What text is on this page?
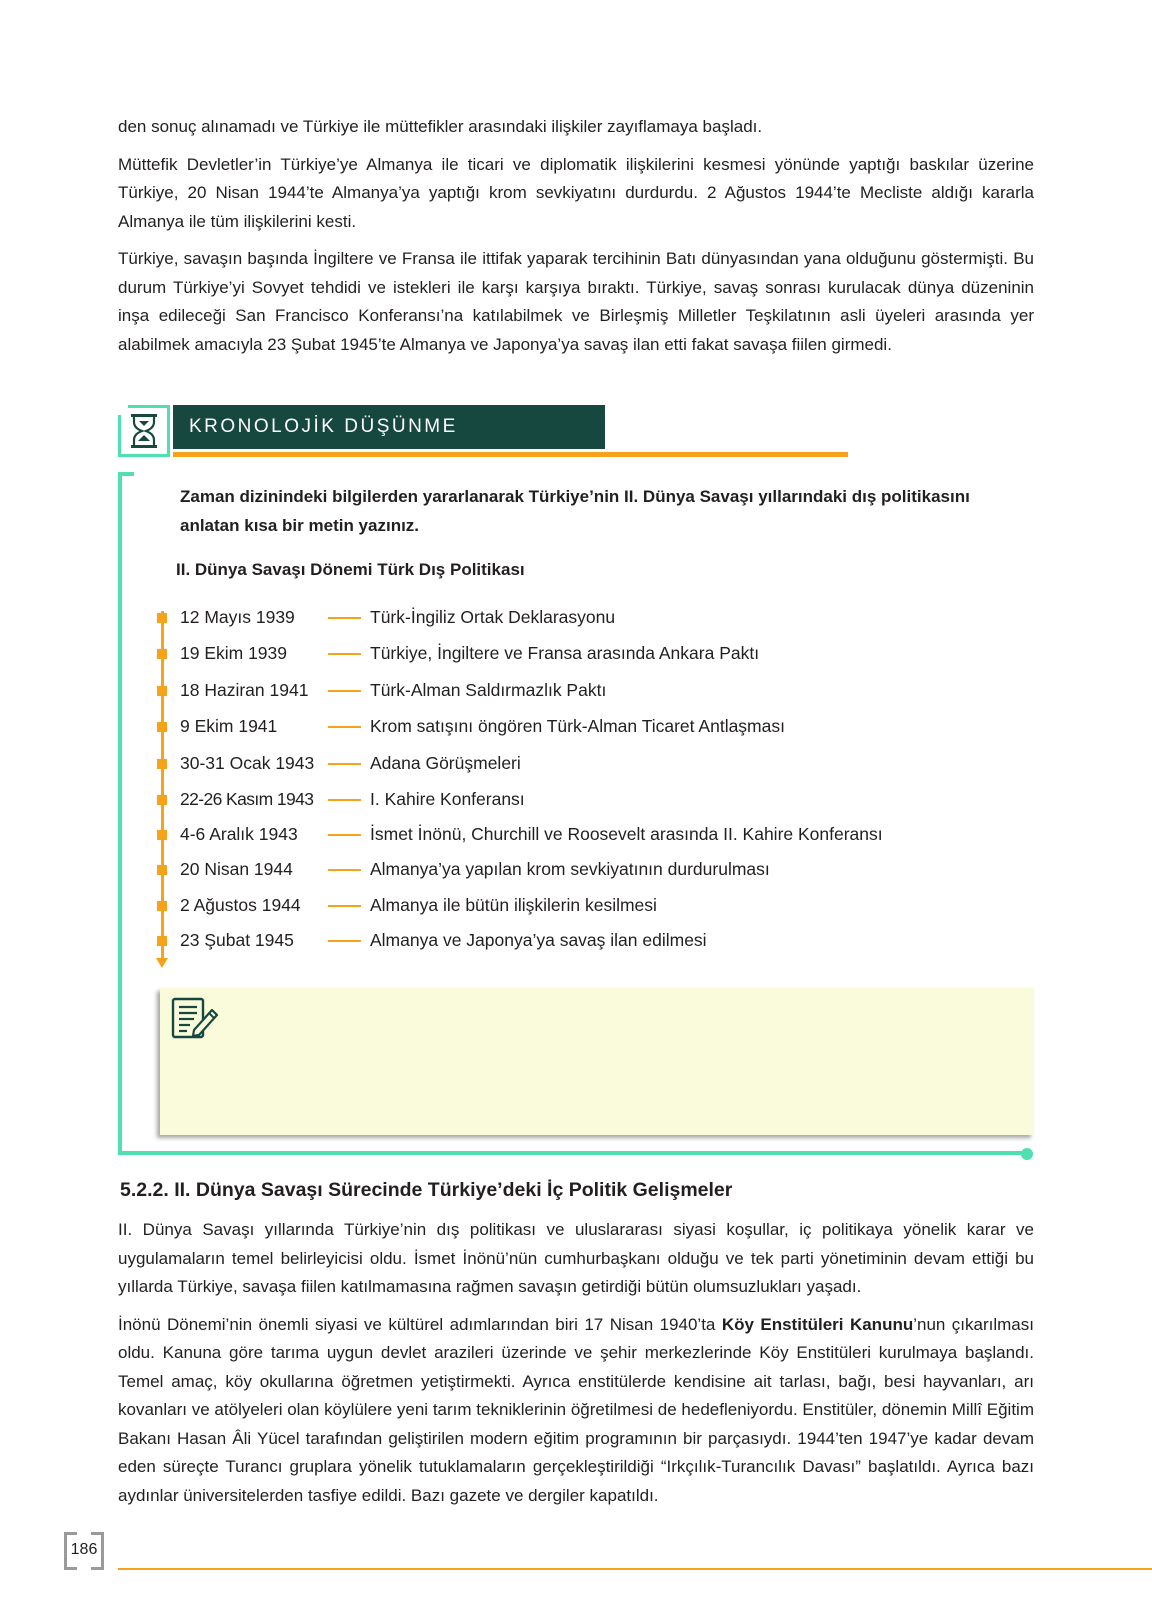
den sonuç alınamadı ve Türkiye ile müttefikler arasındaki ilişkiler zayıflamaya başladı.

Müttefik Devletler’in Türkiye’ye Almanya ile ticari ve diplomatik ilişkilerini kesmesi yönünde yaptığı baskılar üzerine Türkiye, 20 Nisan 1944’te Almanya’ya yaptığı krom sevkiyatını durdurdu. 2 Ağustos 1944’te Mecliste aldığı kararla Almanya ile tüm ilişkilerini kesti.

Türkiye, savaşın başında İngiltere ve Fransa ile ittifak yaparak tercihinin Batı dünyasından yana olduğunu göstermişti. Bu durum Türkiye’yi Sovyet tehdidi ve istekleri ile karşı karşıya bıraktı. Türkiye, savaş sonrası kurulacak dünya düzeninin inşa edileceği San Francisco Konferansı’na katılabilmek ve Birleşmiş Milletler Teşkilatının asli üyeleri arasında yer alabilmek amacıyla 23 Şubat 1945’te Almanya ve Japonya’ya savaş ilan etti fakat savaşa fiilen girmedi.

KRONOLOJİK DÜŞÜNME
Zaman dizinindeki bilgilerden yararlanarak Türkiye’nin II. Dünya Savaşı yıllarındaki dış politikasını anlatan kısa bir metin yazınız.
II. Dünya Savaşı Dönemi Türk Dış Politikası
12 Mayıs 1939	Türk-İngiliz Ortak Deklarasyonu
19 Ekim 1939	Türkiye, İngiltere ve Fransa arasında Ankara Paktı
18 Haziran 1941	Türk-Alman Saldırmazlık Paktı
9 Ekim 1941	Krom satışını öngören Türk-Alman Ticaret Antlaşması
30-31 Ocak 1943	Adana Görüşmeleri
22-26 Kasım 1943	I. Kahire Konferansı
4-6 Aralık 1943	İsmet İnönü, Churchill ve Roosevelt arasında II. Kahire Konferansı
20 Nisan 1944	Almanya’ya yapılan krom sevkiyatının durdurulması
2 Ağustos 1944	Almanya ile bütün ilişkilerin kesilmesi
23 Şubat 1945	Almanya ve Japonya’ya savaş ilan edilmesi
5.2.2. II. Dünya Savaşı Sürecinde Türkiye’deki İç Politik Gelişmeler

II. Dünya Savaşı yıllarında Türkiye’nin dış politikası ve uluslararası siyasi koşullar, iç politikaya yönelik karar ve uygulamaların temel belirleyicisi oldu. İsmet İnönü’nün cumhurbaşkanı olduğu ve tek parti yönetiminin devam ettiği bu yıllarda Türkiye, savaşa fiilen katılmamasına rağmen savaşın getirdiği bütün olumsuzlukları yaşadı.

İnönü Dönemi’nin önemli siyasi ve kültürel adımlarından biri 17 Nisan 1940’ta Köy Enstitüleri Kanunu’nun çıkarılması oldu. Kanuna göre tarıma uygun devlet arazileri üzerinde ve şehir merkezlerinde Köy Enstitüleri kurulmaya başlandı. Temel amaç, köy okullarına öğretmen yetiştirmekti. Ayrıca enstitülerde kendisine ait tarlası, bağı, besi hayvanları, arı kovanları ve atölyeleri olan köylülere yeni tarım tekniklerinin öğretilmesi de hedefleniyordu. Enstitüler, dönemin Millî Eğitim Bakanı Hasan Âli Yücel tarafından geliştirilen modern eğitim programının bir parçasıydı. 1944’ten 1947’ye kadar devam eden süreçte Turancı gruplara yönelik tutuklamaların gerçekleştirildiği “Irkçılık-Turancılık Davası” başlatıldı. Ayrıca bazı aydınlar üniversitelerden tasfiye edildi. Bazı gazete ve dergiler kapatıldı.

186
